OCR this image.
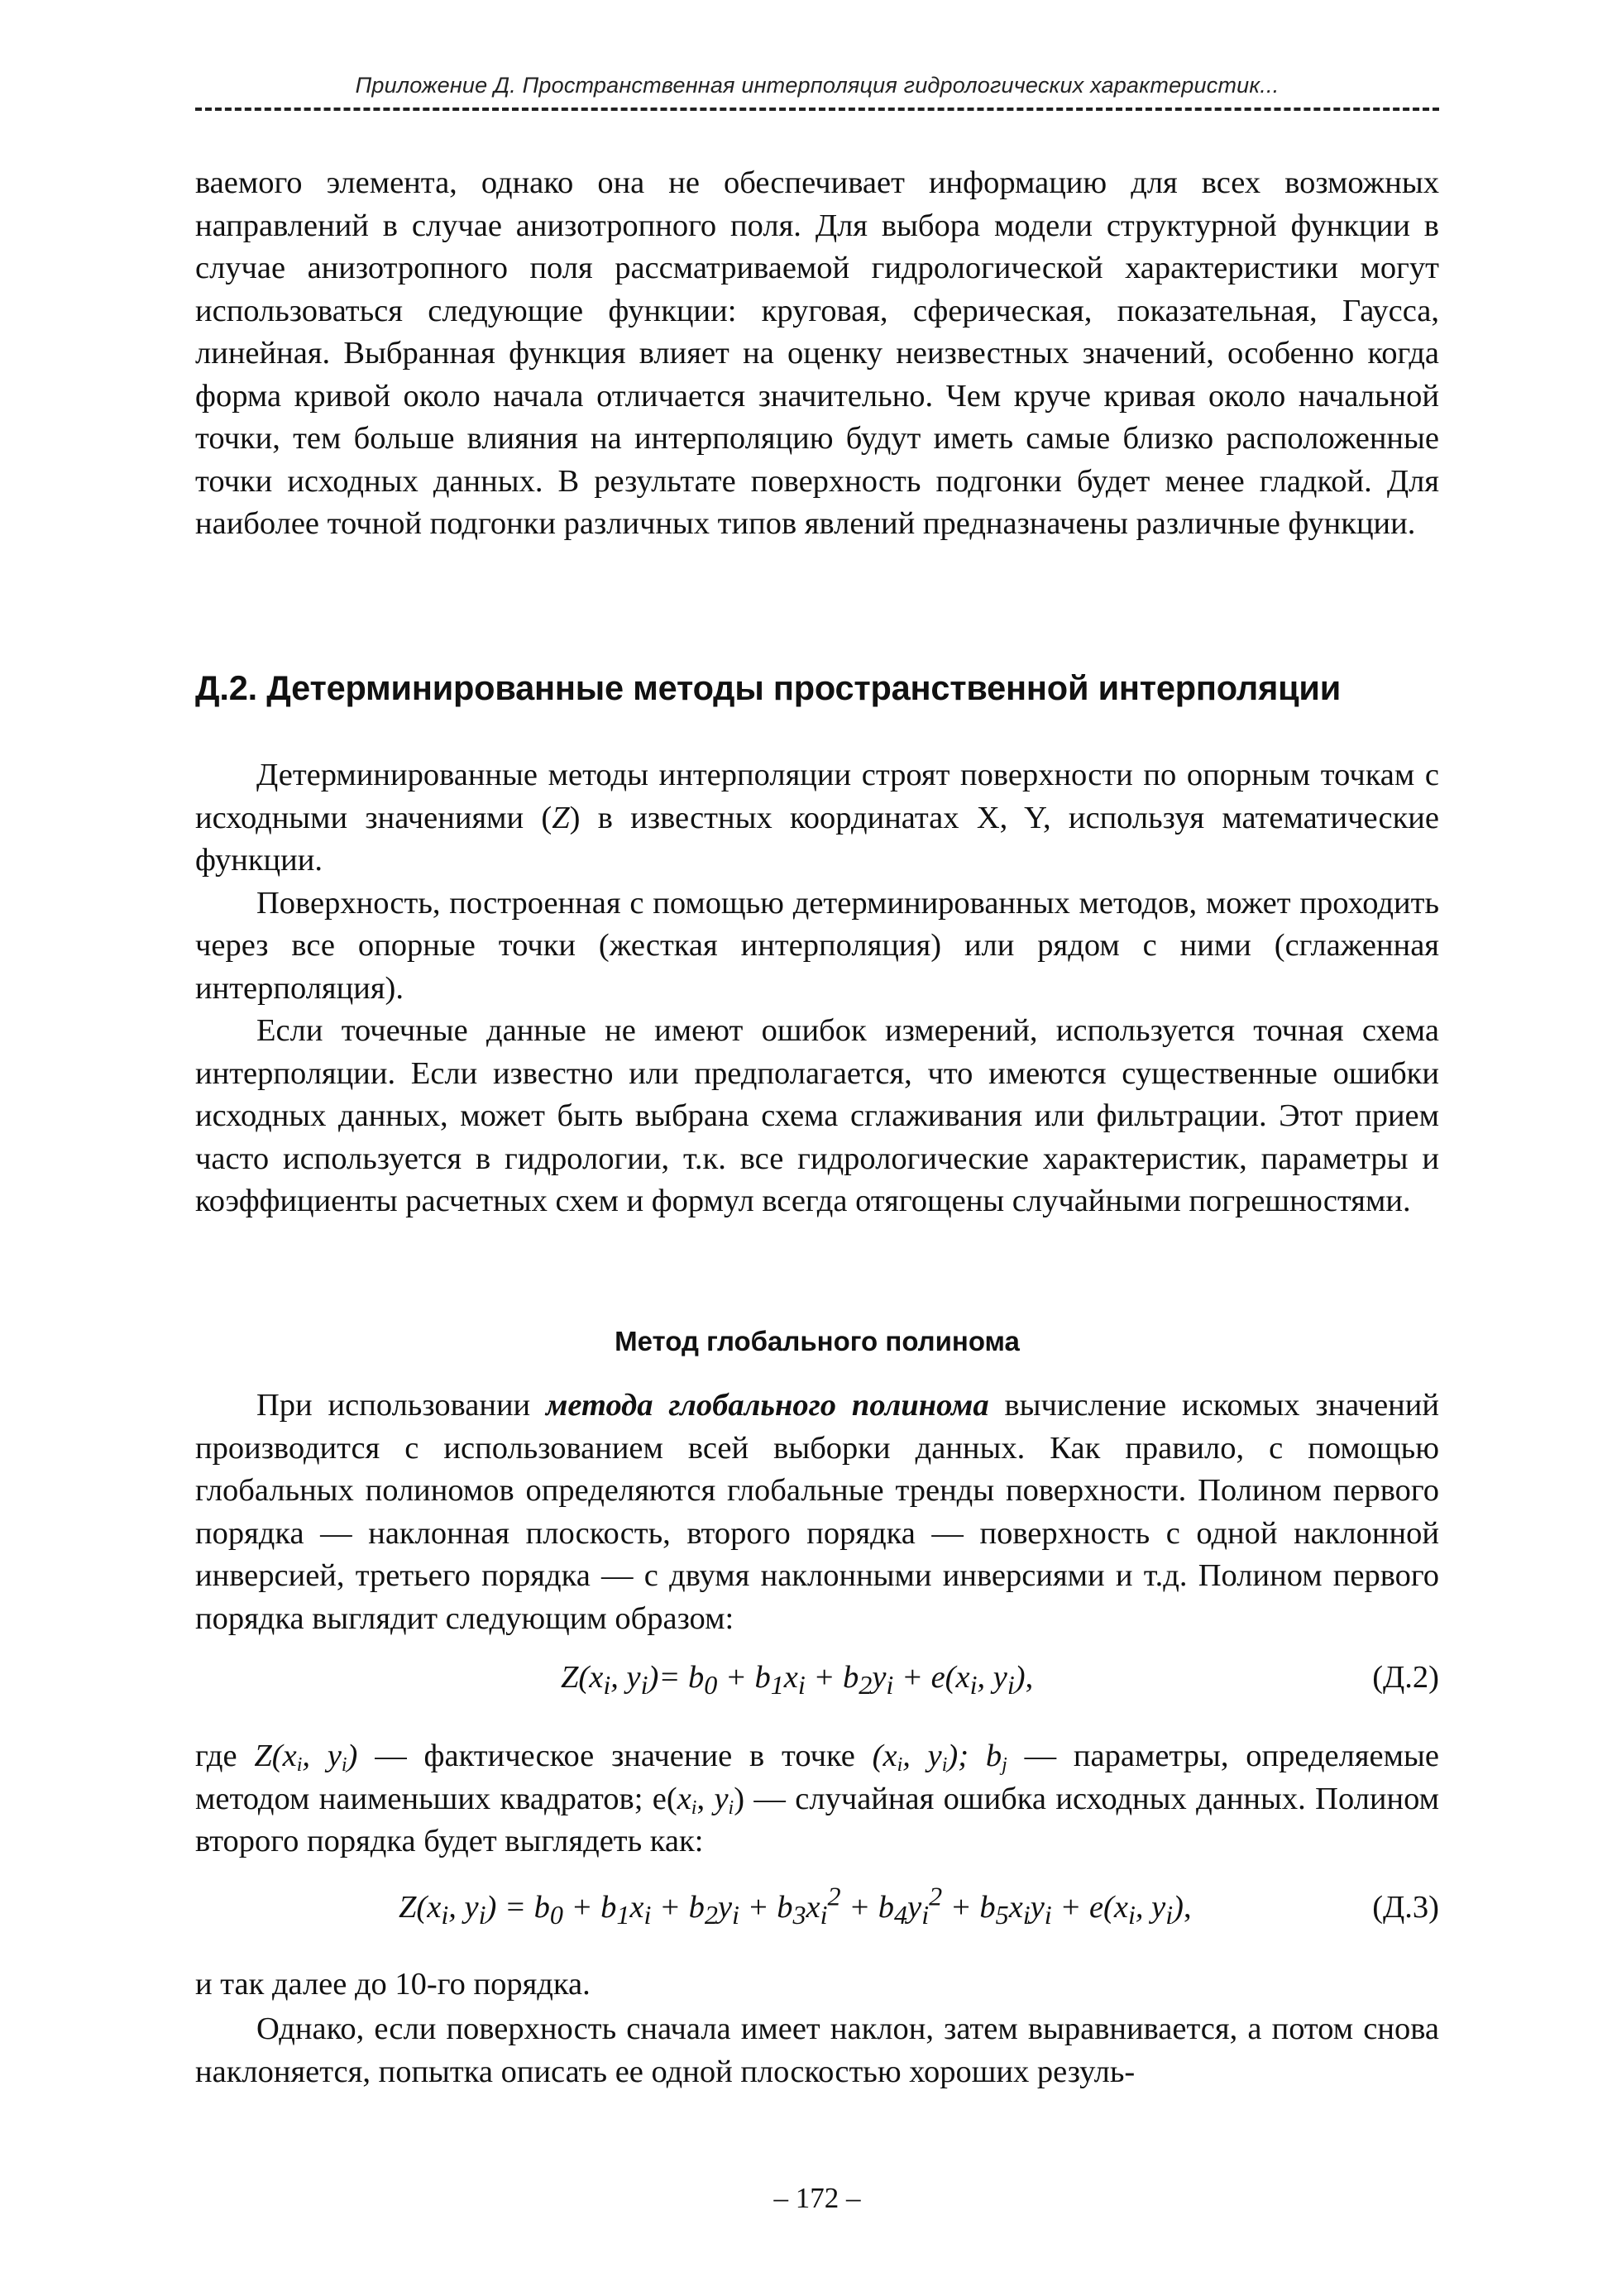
Приложение Д. Пространственная интерполяция гидрологических характеристик...

ваемого элемента, однако она не обеспечивает информацию для всех возможных направлений в случае анизотропного поля. Для выбора модели структурной функции в случае анизотропного поля рассматриваемой гидрологической характеристики могут использоваться следующие функции: круговая, сферическая, показательная, Гаусса, линейная. Выбранная функция влияет на оценку неизвестных значений, особенно когда форма кривой около начала отличается значительно. Чем круче кривая около начальной точки, тем больше влияния на интерполяцию будут иметь самые близко расположенные точки исходных данных. В результате поверхность подгонки будет менее гладкой. Для наиболее точной подгонки различных типов явлений предназначены различные функции.

Д.2. Детерминированные методы пространственной интерполяции

Детерминированные методы интерполяции строят поверхности по опорным точкам с исходными значениями (Z) в известных координатах X, Y, используя математические функции.

Поверхность, построенная с помощью детерминированных методов, может проходить через все опорные точки (жесткая интерполяция) или рядом с ними (сглаженная интерполяция).

Если точечные данные не имеют ошибок измерений, используется точная схема интерполяции. Если известно или предполагается, что имеются существенные ошибки исходных данных, может быть выбрана схема сглаживания или фильтрации. Этот прием часто используется в гидрологии, т.к. все гидрологические характеристик, параметры и коэффициенты расчетных схем и формул всегда отягощены случайными погрешностями.

Метод глобального полинома

При использовании метода глобального полинома вычисление искомых значений производится с использованием всей выборки данных. Как правило, с помощью глобальных полиномов определяются глобальные тренды поверхности. Полином первого порядка — наклонная плоскость, второго порядка — поверхность с одной наклонной инверсией, третьего порядка — с двумя наклонными инверсиями и т.д. Полином первого порядка выглядит следующим образом:

$Z(x_i$, $y_i)= b_0 + b_1x_i + b_2y_i + e(x_i$, $y_i$),	(Д.2)

где $Z(x_i$, $y_i$) — фактическое значение в точке ($x_i$, $y_i$); $b_j$ — параметры, определяемые методом наименьших квадратов; $e(x_i$, $y_i$) — случайная ошибка исходных данных. Полином второго порядка будет выглядеть как:

$Z(x_i$, $y_i) = b_0 + b_1x_i + b_2y_i + b_3x_i^2 + b_4y_i^2 + b_5x_iy_i + e(x_i$, $y_i$),	(Д.3)

и так далее до 10-го порядка.

Однако, если поверхность сначала имеет наклон, затем выравнивается, а потом снова наклоняется, попытка описать ее одной плоскостью хороших резуль-

– 172 –
